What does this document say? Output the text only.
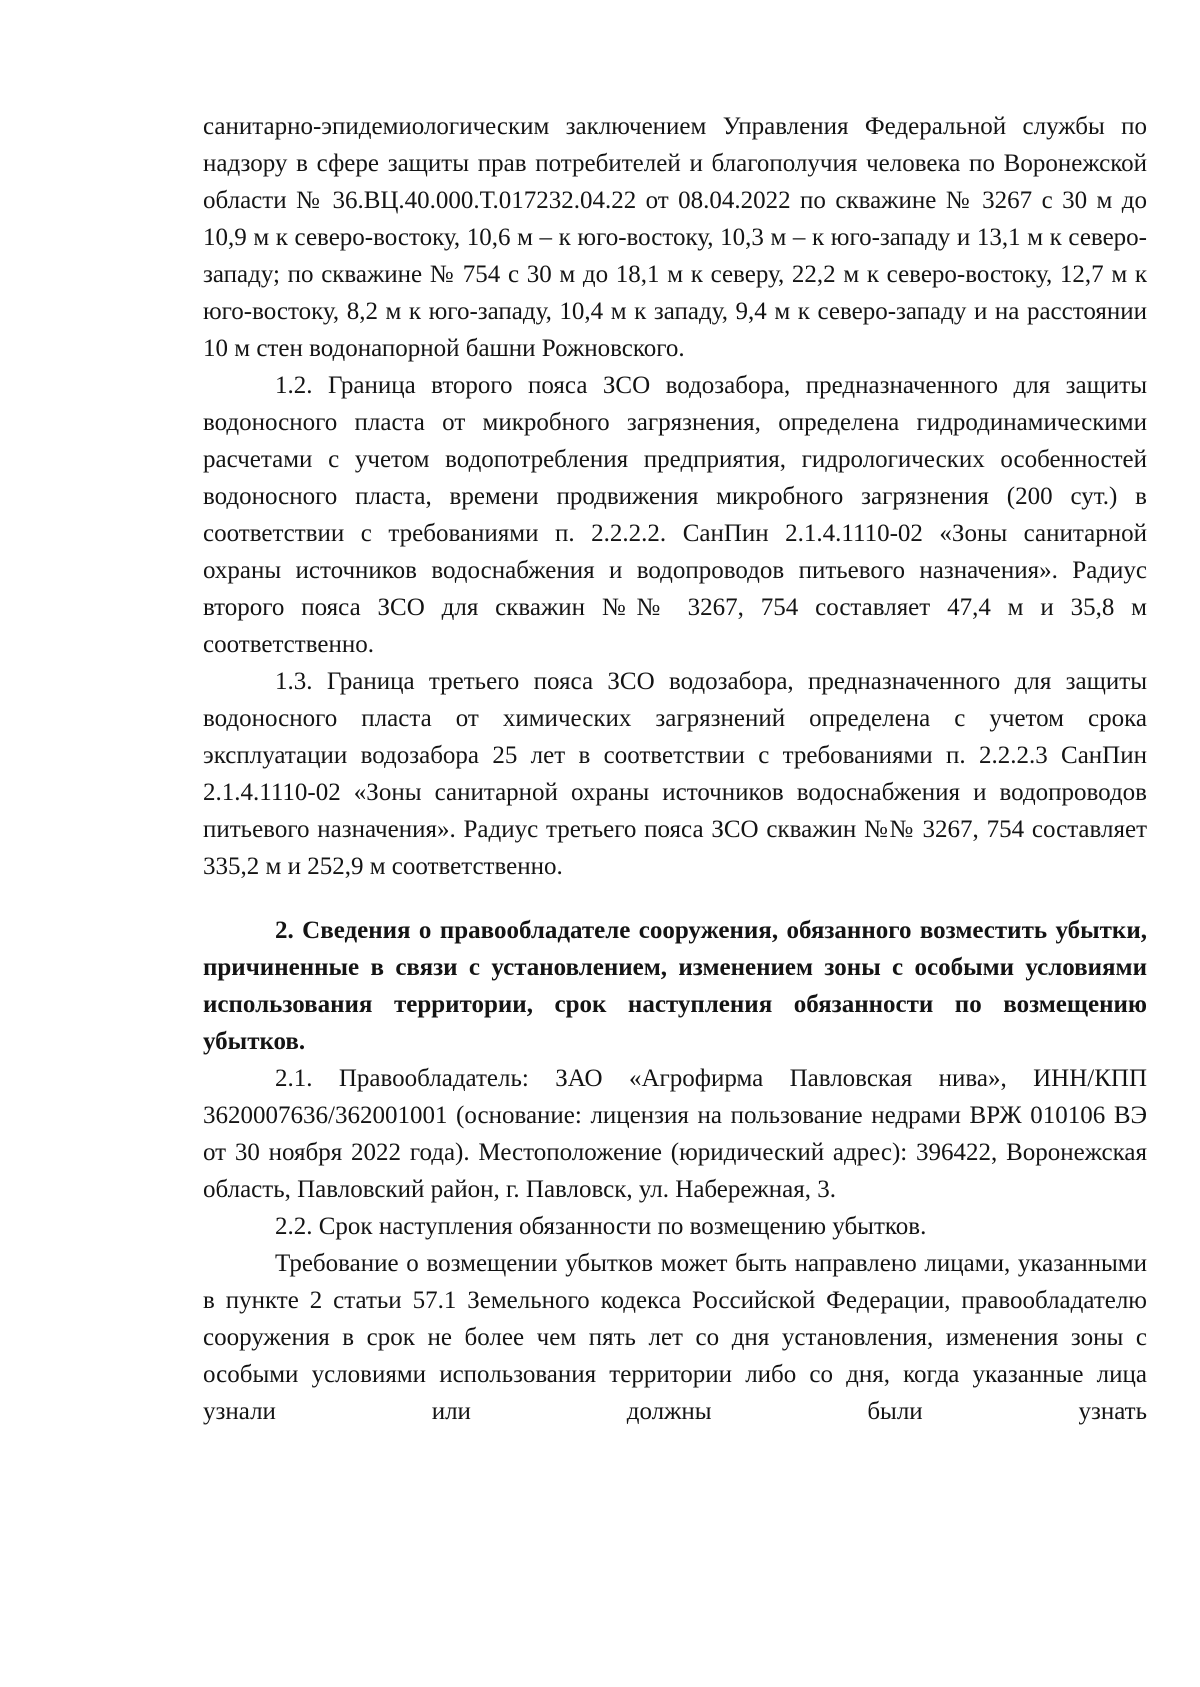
санитарно-эпидемиологическим заключением Управления Федеральной службы по надзору в сфере защиты прав потребителей и благополучия человека по Воронежской области № 36.ВЦ.40.000.Т.017232.04.22 от 08.04.2022 по скважине № 3267 с 30 м до 10,9 м к северо-востоку, 10,6 м – к юго-востоку, 10,3 м – к юго-западу и 13,1 м к северо-западу; по скважине № 754 с 30 м до 18,1 м к северу, 22,2 м к северо-востоку, 12,7 м к юго-востоку, 8,2 м к юго-западу, 10,4 м к западу, 9,4 м к северо-западу и на расстоянии 10 м стен водонапорной башни Рожновского.

1.2. Граница второго пояса ЗСО водозабора, предназначенного для защиты водоносного пласта от микробного загрязнения, определена гидродинамическими расчетами с учетом водопотребления предприятия, гидрологических особенностей водоносного пласта, времени продвижения микробного загрязнения (200 сут.) в соответствии с требованиями п. 2.2.2.2. СанПин 2.1.4.1110-02 «Зоны санитарной охраны источников водоснабжения и водопроводов питьевого назначения». Радиус второго пояса ЗСО для скважин №№ 3267, 754 составляет 47,4 м и 35,8 м соответственно.

1.3. Граница третьего пояса ЗСО водозабора, предназначенного для защиты водоносного пласта от химических загрязнений определена с учетом срока эксплуатации водозабора 25 лет в соответствии с требованиями п. 2.2.2.3 СанПин 2.1.4.1110-02 «Зоны санитарной охраны источников водоснабжения и водопроводов питьевого назначения». Радиус третьего пояса ЗСО скважин №№ 3267, 754 составляет 335,2 м и 252,9 м соответственно.

2. Сведения о правообладателе сооружения, обязанного возместить убытки, причиненные в связи с установлением, изменением зоны с особыми условиями использования территории, срок наступления обязанности по возмещению убытков.

2.1. Правообладатель: ЗАО «Агрофирма Павловская нива», ИНН/КПП 3620007636/362001001 (основание: лицензия на пользование недрами ВРЖ 010106 ВЭ от 30 ноября 2022 года). Местоположение (юридический адрес): 396422, Воронежская область, Павловский район, г. Павловск, ул. Набережная, 3.

2.2. Срок наступления обязанности по возмещению убытков.

Требование о возмещении убытков может быть направлено лицами, указанными в пункте 2 статьи 57.1 Земельного кодекса Российской Федерации, правообладателю сооружения в срок не более чем пять лет со дня установления, изменения зоны с особыми условиями использования территории либо со дня, когда указанные лица узнали или должны были узнать
